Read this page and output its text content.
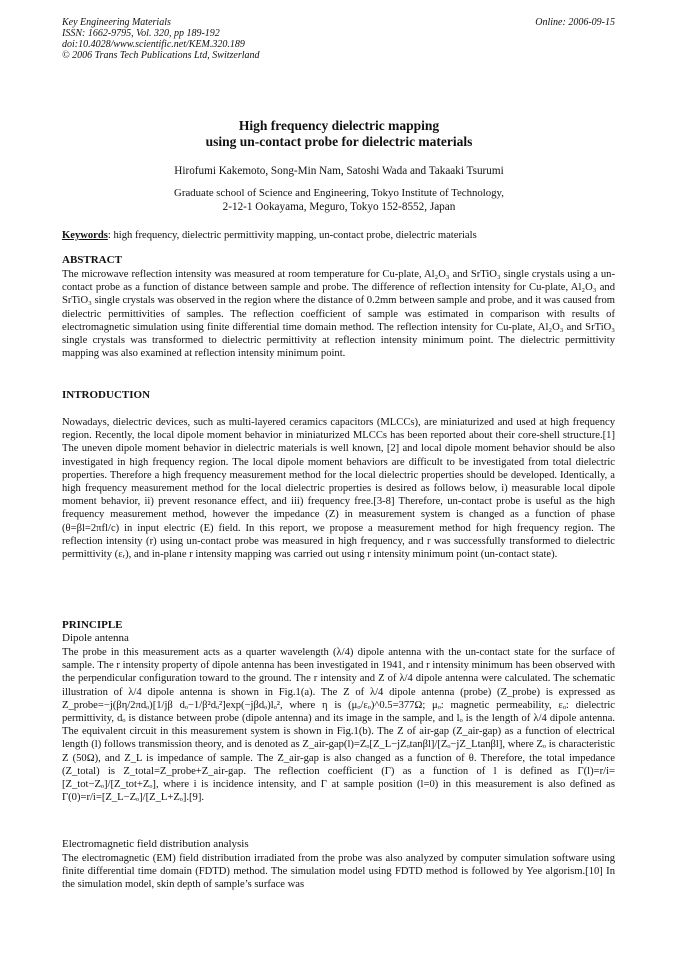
Key Engineering Materials
ISSN: 1662-9795, Vol. 320, pp 189-192
doi:10.4028/www.scientific.net/KEM.320.189
© 2006 Trans Tech Publications Ltd, Switzerland
Online: 2006-09-15
High frequency dielectric mapping
using un-contact probe for dielectric materials
Hirofumi Kakemoto, Song-Min Nam, Satoshi Wada and Takaaki Tsurumi
Graduate school of Science and Engineering, Tokyo Institute of Technology,
2-12-1 Ookayama, Meguro, Tokyo 152-8552, Japan
Keywords: high frequency, dielectric permittivity mapping, un-contact probe, dielectric materials
ABSTRACT
The microwave reflection intensity was measured at room temperature for Cu-plate, Al₂O₃ and SrTiO₃ single crystals using a un-contact probe as a function of distance between sample and probe. The difference of reflection intensity for Cu-plate, Al₂O₃ and SrTiO₃ single crystals was observed in the region where the distance of 0.2mm between sample and probe, and it was caused from dielectric permittivities of samples. The reflection coefficient of sample was estimated in comparison with results of electromagnetic simulation using finite differential time domain method. The reflection intensity for Cu-plate, Al₂O₃ and SrTiO₃ single crystals was transformed to dielectric permittivity at reflection intensity minimum point. The dielectric permittivity mapping was also examined at reflection intensity minimum point.
INTRODUCTION
Nowadays, dielectric devices, such as multi-layered ceramics capacitors (MLCCs), are miniaturized and used at high frequency region. Recently, the local dipole moment behavior in miniaturized MLCCs has been reported about their core-shell structure.[1] The uneven dipole moment behavior in dielectric materials is well known, [2] and local dipole moment behavior should be also investigated in high frequency region. The local dipole moment behaviors are difficult to be investigated from total dielectric properties. Therefore a high frequency measurement method for the local dielectric properties should be developed. Identically, a high frequency measurement method for the local dielectric properties is desired as follows below, i) measurable local dipole moment behavior, ii) prevent resonance effect, and iii) frequency free.[3-8] Therefore, un-contact probe is useful as the high frequency measurement method, however the impedance (Z) in measurement system is changed as a function of phase (θ=βl=2πfl/c) in input electric (E) field. In this report, we propose a measurement method for high frequency region. The reflection intensity (r) using un-contact probe was measured in high frequency, and r was successfully transformed to dielectric permittivity (εᵣ), and in-plane r intensity mapping was carried out using r intensity minimum point (un-contact state).
PRINCIPLE
Dipole antenna
The probe in this measurement acts as a quarter wavelength (λ/4) dipole antenna with the un-contact state for the surface of sample. The r intensity property of dipole antenna has been investigated in 1941, and r intensity minimum has been observed with the perpendicular configuration toward to the ground. The r intensity and Z of λ/4 dipole antenna were calculated. The schematic illustration of λ/4 dipole antenna is shown in Fig.1(a). The Z of λ/4 dipole antenna (probe) (Z_probe) is expressed as Z_probe=−j(βη/2πdₒ)[1/jβ dₒ−1/β²dₒ²]exp(−jβdₒ)lₒ², where η is (μₒ/εₒ)^0.5=377Ω; μₒ: magnetic permeability, εₒ: dielectric permittivity, dₒ is distance between probe (dipole antenna) and its image in the sample, and lₒ is the length of λ/4 dipole antenna. The equivalent circuit in this measurement system is shown in Fig.1(b). The Z of air-gap (Z_air-gap) as a function of electrical length (l) follows transmission theory, and is denoted as Z_air-gap(l)=Zₒ[Z_L−jZₒtanβl]/[Zₒ−jZ_Ltanβl], where Zₒ is characteristic Z (50Ω), and Z_L is impedance of sample. The Z_air-gap is also changed as a function of θ. Therefore, the total impedance (Z_total) is Z_total=Z_probe+Z_air-gap. The reflection coefficient (Γ) as a function of l is defined as Γ(l)=r/i=[Z_tot−Zₒ]/[Z_tot+Zₒ], where i is incidence intensity, and Γ at sample position (l=0) in this measurement is also defined as Γ(0)=r/i=[Z_L−Zₒ]/[Z_L+Zₒ].[9].
Electromagnetic field distribution analysis
The electromagnetic (EM) field distribution irradiated from the probe was also analyzed by computer simulation software using finite differential time domain (FDTD) method. The simulation model using FDTD method is followed by Yee algorism.[10] In the simulation model, skin depth of sample’s surface was
